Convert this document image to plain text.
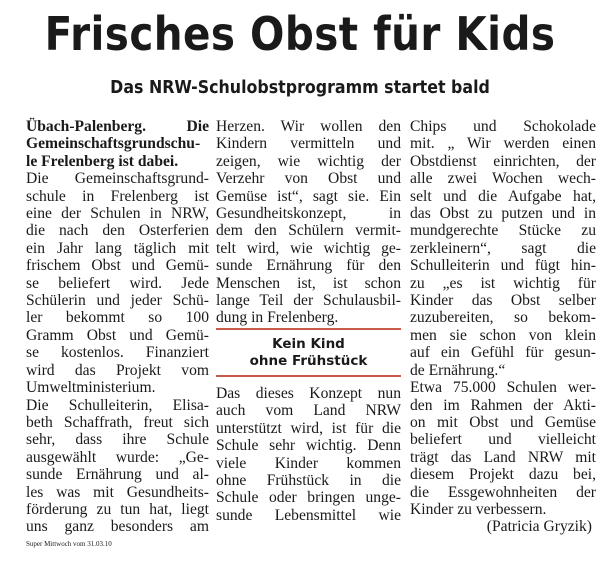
Frisches Obst für Kids
Das NRW-Schulobstprogramm startet bald
Übach-Palenberg. Die
Gemeinschaftsgrundschu-
le Frelenberg ist dabei.
Die Gemeinschaftsgrund-
schule in Frelenberg ist
eine der Schulen in NRW,
die nach den Osterferien
ein Jahr lang täglich mit
frischem Obst und Gemü-
se beliefert wird. Jede
Schülerin und jeder Schü-
ler bekommt so 100
Gramm Obst und Gemü-
se kostenlos. Finanziert
wird das Projekt vom
Umweltministerium.
Die Schulleiterin, Elisa-
beth Schaffrath, freut sich
sehr, dass ihre Schule
ausgewählt wurde: „Ge-
sunde Ernährung und al-
les was mit Gesundheits-
förderung zu tun hat, liegt
uns ganz besonders am
Herzen. Wir wollen den
Kindern vermitteln und
zeigen, wie wichtig der
Verzehr von Obst und
Gemüse ist“, sagt sie. Ein
Gesundheitskonzept, in
dem den Schülern vermit-
telt wird, wie wichtig ge-
sunde Ernährung für den
Menschen ist, ist schon
lange Teil der Schulausbil-
dung in Frelenberg.
Kein Kind
ohne Frühstück
Das dieses Konzept nun
auch vom Land NRW
unterstützt wird, ist für die
Schule sehr wichtig. Denn
viele Kinder kommen
ohne Frühstück in die
Schule oder bringen unge-
sunde Lebensmittel wie
Chips und Schokolade
mit. „ Wir werden einen
Obstdienst einrichten, der
alle zwei Wochen wech-
selt und die Aufgabe hat,
das Obst zu putzen und in
mundgerechte Stücke zu
zerkleinern“, sagt die
Schulleiterin und fügt hin-
zu „es ist wichtig für
Kinder das Obst selber
zuzubereiten, so bekom-
men sie schon von klein
auf ein Gefühl für gesun-
de Ernährung.“
Etwa 75.000 Schulen wer-
den im Rahmen der Akti-
on mit Obst und Gemüse
beliefert und vielleicht
trägt das Land NRW mit
diesem Projekt dazu bei,
die Essgewohnheiten der
Kinder zu verbessern.
(Patricia Gryzik)
Super Mittwoch vom 31.03.10
